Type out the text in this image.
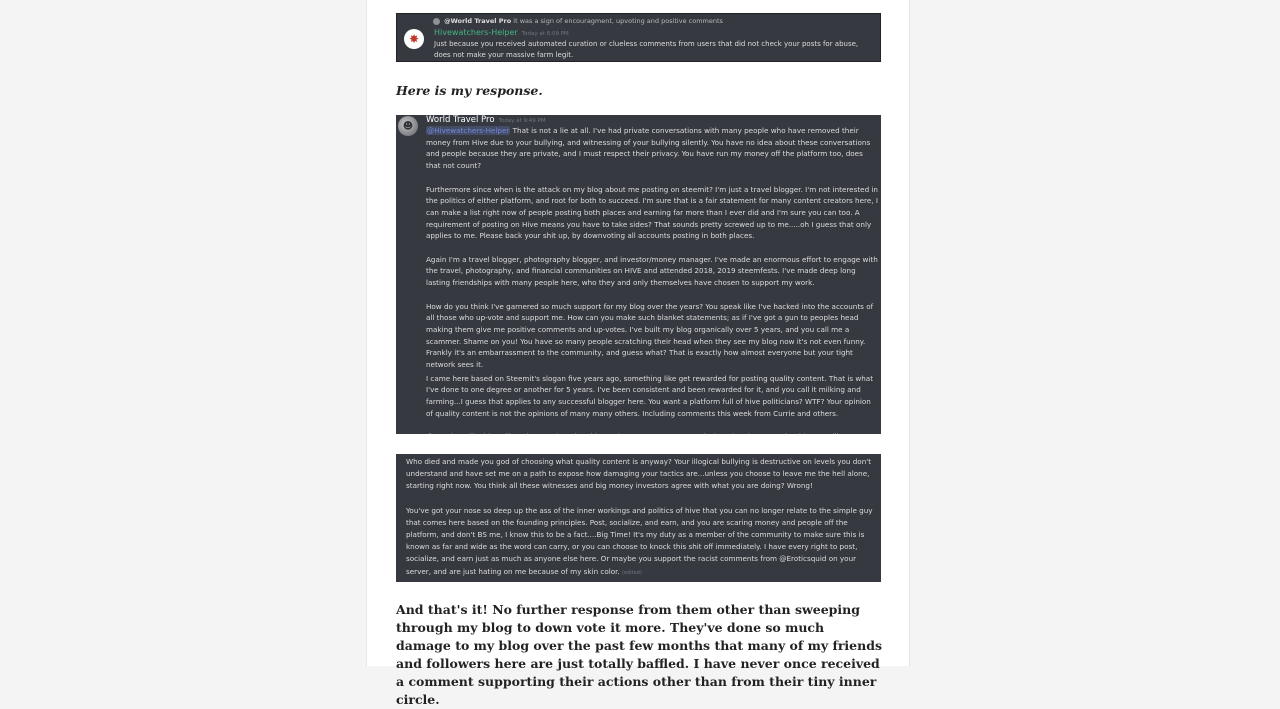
@World Travel Pro it was a sign of encouragment, upvoting and positive comments
✸	Hivewatchers-Helper Today at 6:09 PM
Just because you received automated curation or clueless comments from users that did not check your posts for abuse, does not make your massive farm legit.
Here is my response.
☻
World Travel Pro Today at 9:49 PM

@Hivewatchers-Helper That is not a lie at all. I've had private conversations with many people who have removed their money from Hive due to your bullying, and witnessing of your bullying silently. You have no idea about these conversations and people because they are private, and I must respect their privacy. You have run my money off the platform too, does that not count?

Furthermore since when is the attack on my blog about me posting on steemit? I'm just a travel blogger. I'm not interested in the politics of either platform, and root for both to succeed. I'm sure that is a fair statement for many content creators here, I can make a list right now of people posting both places and earning far more than I ever did and I'm sure you can too. A requirement of posting on Hive means you have to take sides? That sounds pretty screwed up to me.....oh I guess that only applies to me. Please back your shit up, by downvoting all accounts posting in both places.

Again I'm a travel blogger, photography blogger, and investor/money manager. I've made an enormous effort to engage with the travel, photography, and financial communities on HIVE and attended 2018, 2019 steemfests. I've made deep long lasting friendships with many people here, who they and only themselves have chosen to support my work.

How do you think I've garnered so much support for my blog over the years? You speak like I've hacked into the accounts of all those who up-vote and support me. How can you make such blanket statements; as if I've got a gun to peoples head making them give me positive comments and up-votes. I've built my blog organically over 5 years, and you call me a scammer. Shame on you! You have so many people scratching their head when they see my blog now it's not even funny. Frankly it's an embarrassment to the community, and guess what? That is exactly how almost everyone but your tight network sees it.

I came here based on Steemit's slogan five years ago, something like get rewarded for posting quality content. That is what I've done to one degree or another for 5 years. I've been consistent and been rewarded for it, and you call it milking and farming...I guess that applies to any successful blogger here. You want a platform full of hive politicians? WTF? Your opinion of quality content is not the opinions of many many others. Including comments this week from Currie and others.

Who died and made you god of choosing what quality content is anyway? Your illogical bullying is destructive on levels you don't understand and have set me on a path to expose how damaging your tactics are...unless you choose to leave me the hell alone, starting right now. You think all these witnesses and big money investors agree with what you are doing? Wrong!

You've got your nose so deep up the ass of the inner workings and politics of hive that you can no longer relate to the simple guy that comes here based on the founding principles. Post, socialize, and earn, and you are scaring money and people off the platform, and don't BS me, I know this to be a fact....Big Time! It's my duty as a member of the community to make sure this is known as far and wide as the word can carry, or you can choose to knock this shit off immediately. I have every right to post, socialize, and earn just as much as anyone else here. Or maybe you support the racist comments from @Eroticsquid on your server, and are just hating on me because of my skin color. (edited)

And that's it! No further response from them other than sweeping through my blog to down vote it more. They've done so much damage to my blog over the past few months that many of my friends and followers here are just totally baffled. I have never once received a comment supporting their actions other than from their tiny inner circle.
